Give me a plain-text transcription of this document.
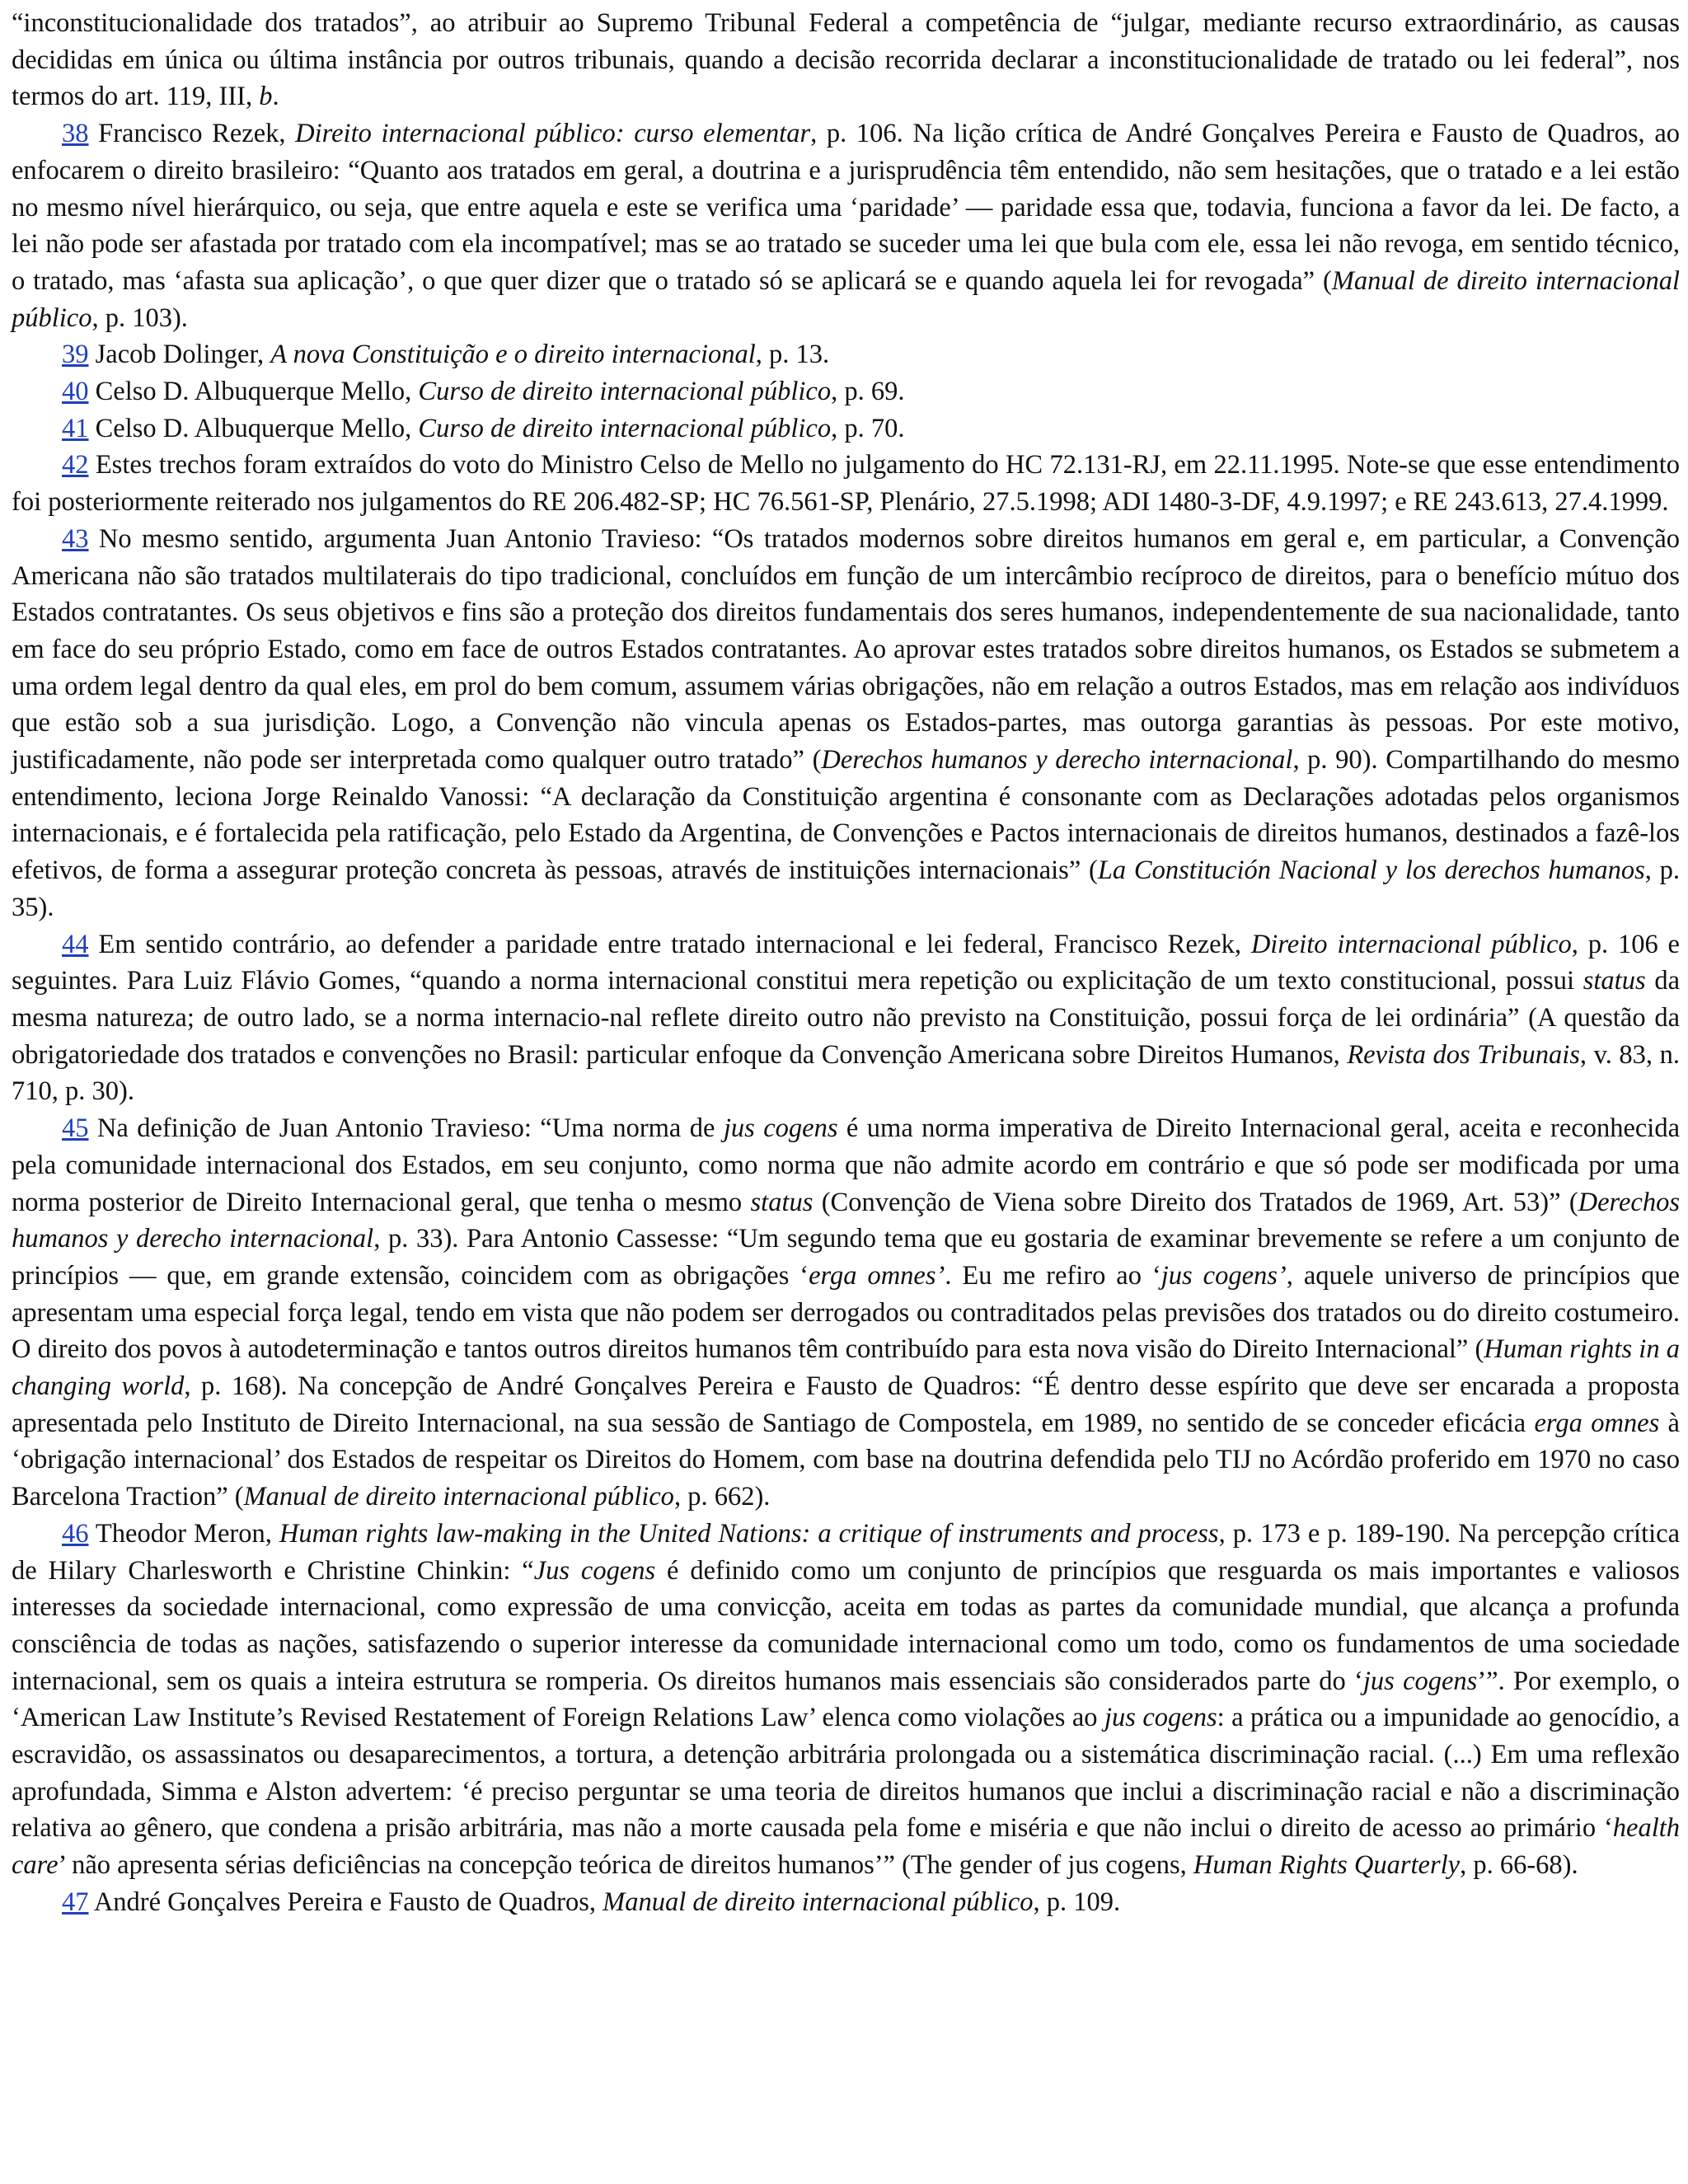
“inconstitucionalidade dos tratados”, ao atribuir ao Supremo Tribunal Federal a competência de “julgar, mediante recurso extraordinário, as causas decididas em única ou última instância por outros tribunais, quando a decisão recorrida declarar a inconstitucionalidade de tratado ou lei federal”, nos termos do art. 119, III, b.

38 Francisco Rezek, Direito internacional público: curso elementar, p. 106. Na lição crítica de André Gonçalves Pereira e Fausto de Quadros, ao enfocarem o direito brasileiro: “Quanto aos tratados em geral, a doutrina e a jurisprudência têm entendido, não sem hesitações, que o tratado e a lei estão no mesmo nível hierárquico, ou seja, que entre aquela e este se verifica uma ‘paridade’ — paridade essa que, todavia, funciona a favor da lei. De facto, a lei não pode ser afastada por tratado com ela incompatível; mas se ao tratado se suceder uma lei que bula com ele, essa lei não revoga, em sentido técnico, o tratado, mas ‘afasta sua aplicação’, o que quer dizer que o tratado só se aplicará se e quando aquela lei for revogada” (Manual de direito internacional público, p. 103).

39 Jacob Dolinger, A nova Constituição e o direito internacional, p. 13.

40 Celso D. Albuquerque Mello, Curso de direito internacional público, p. 69.

41 Celso D. Albuquerque Mello, Curso de direito internacional público, p. 70.

42 Estes trechos foram extraídos do voto do Ministro Celso de Mello no julgamento do HC 72.131-RJ, em 22.11.1995. Note-se que esse entendimento foi posteriormente reiterado nos julgamentos do RE 206.482-SP; HC 76.561-SP, Plenário, 27.5.1998; ADI 1480-3-DF, 4.9.1997; e RE 243.613, 27.4.1999.

43 No mesmo sentido, argumenta Juan Antonio Travieso: “Os tratados modernos sobre direitos humanos em geral e, em particular, a Convenção Americana não são tratados multilaterais do tipo tradicional, concluídos em função de um intercâmbio recíproco de direitos, para o benefício mútuo dos Estados contratantes. Os seus objetivos e fins são a proteção dos direitos fundamentais dos seres humanos, independentemente de sua nacionalidade, tanto em face do seu próprio Estado, como em face de outros Estados contratantes. Ao aprovar estes tratados sobre direitos humanos, os Estados se submetem a uma ordem legal dentro da qual eles, em prol do bem comum, assumem várias obrigações, não em relação a outros Estados, mas em relação aos indivíduos que estão sob a sua jurisdição. Logo, a Convenção não vincula apenas os Estados-partes, mas outorga garantias às pessoas. Por este motivo, justificadamente, não pode ser interpretada como qualquer outro tratado” (Derechos humanos y derecho internacional, p. 90). Compartilhando do mesmo entendimento, leciona Jorge Reinaldo Vanossi: “A declaração da Constituição argentina é consonante com as Declarações adotadas pelos organismos internacionais, e é fortalecida pela ratificação, pelo Estado da Argentina, de Convenções e Pactos internacionais de direitos humanos, destinados a fazê-los efetivos, de forma a assegurar proteção concreta às pessoas, através de instituições internacionais” (La Constitución Nacional y los derechos humanos, p. 35).

44 Em sentido contrário, ao defender a paridade entre tratado internacional e lei federal, Francisco Rezek, Direito internacional público, p. 106 e seguintes. Para Luiz Flávio Gomes, “quando a norma internacional constitui mera repetição ou explicitação de um texto constitucional, possui status da mesma natureza; de outro lado, se a norma internacio-nal reflete direito outro não previsto na Constituição, possui força de lei ordinária” (A questão da obrigatoriedade dos tratados e convenções no Brasil: particular enfoque da Convenção Americana sobre Direitos Humanos, Revista dos Tribunais, v. 83, n. 710, p. 30).

45 Na definição de Juan Antonio Travieso: “Uma norma de jus cogens é uma norma imperativa de Direito Internacional geral, aceita e reconhecida pela comunidade internacional dos Estados, em seu conjunto, como norma que não admite acordo em contrário e que só pode ser modificada por uma norma posterior de Direito Internacional geral, que tenha o mesmo status (Convenção de Viena sobre Direito dos Tratados de 1969, Art. 53)” (Derechos humanos y derecho internacional, p. 33). Para Antonio Cassesse: “Um segundo tema que eu gostaria de examinar brevemente se refere a um conjunto de princípios — que, em grande extensão, coincidem com as obrigações ‘erga omnes’. Eu me refiro ao ‘jus cogens’, aquele universo de princípios que apresentam uma especial força legal, tendo em vista que não podem ser derrogados ou contraditados pelas previsões dos tratados ou do direito costumeiro. O direito dos povos à autodeterminação e tantos outros direitos humanos têm contribuído para esta nova visão do Direito Internacional” (Human rights in a changing world, p. 168). Na concepção de André Gonçalves Pereira e Fausto de Quadros: “É dentro desse espírito que deve ser encarada a proposta apresentada pelo Instituto de Direito Internacional, na sua sessão de Santiago de Compostela, em 1989, no sentido de se conceder eficácia erga omnes à ‘obrigação internacional’ dos Estados de respeitar os Direitos do Homem, com base na doutrina defendida pelo TIJ no Acórdão proferido em 1970 no caso Barcelona Traction” (Manual de direito internacional público, p. 662).

46 Theodor Meron, Human rights law-making in the United Nations: a critique of instruments and process, p. 173 e p. 189-190. Na percepção crítica de Hilary Charlesworth e Christine Chinkin: “Jus cogens é definido como um conjunto de princípios que resguarda os mais importantes e valiosos interesses da sociedade internacional, como expressão de uma convicção, aceita em todas as partes da comunidade mundial, que alcança a profunda consciência de todas as nações, satisfazendo o superior interesse da comunidade internacional como um todo, como os fundamentos de uma sociedade internacional, sem os quais a inteira estrutura se romperia. Os direitos humanos mais essenciais são considerados parte do ‘jus cogens’”. Por exemplo, o ‘American Law Institute’s Revised Restatement of Foreign Relations Law’ elenca como violações ao jus cogens: a prática ou a impunidade ao genocídio, a escravidão, os assassinatos ou desaparecimentos, a tortura, a detenção arbitrária prolongada ou a sistemática discriminação racial. (...) Em uma reflexão aprofundada, Simma e Alston advertem: ‘é preciso perguntar se uma teoria de direitos humanos que inclui a discriminação racial e não a discriminação relativa ao gênero, que condena a prisão arbitrária, mas não a morte causada pela fome e miséria e que não inclui o direito de acesso ao primário ‘health care’ não apresenta sérias deficiências na concepção teórica de direitos humanos’” (The gender of jus cogens, Human Rights Quarterly, p. 66-68).

47 André Gonçalves Pereira e Fausto de Quadros, Manual de direito internacional público, p. 109.
